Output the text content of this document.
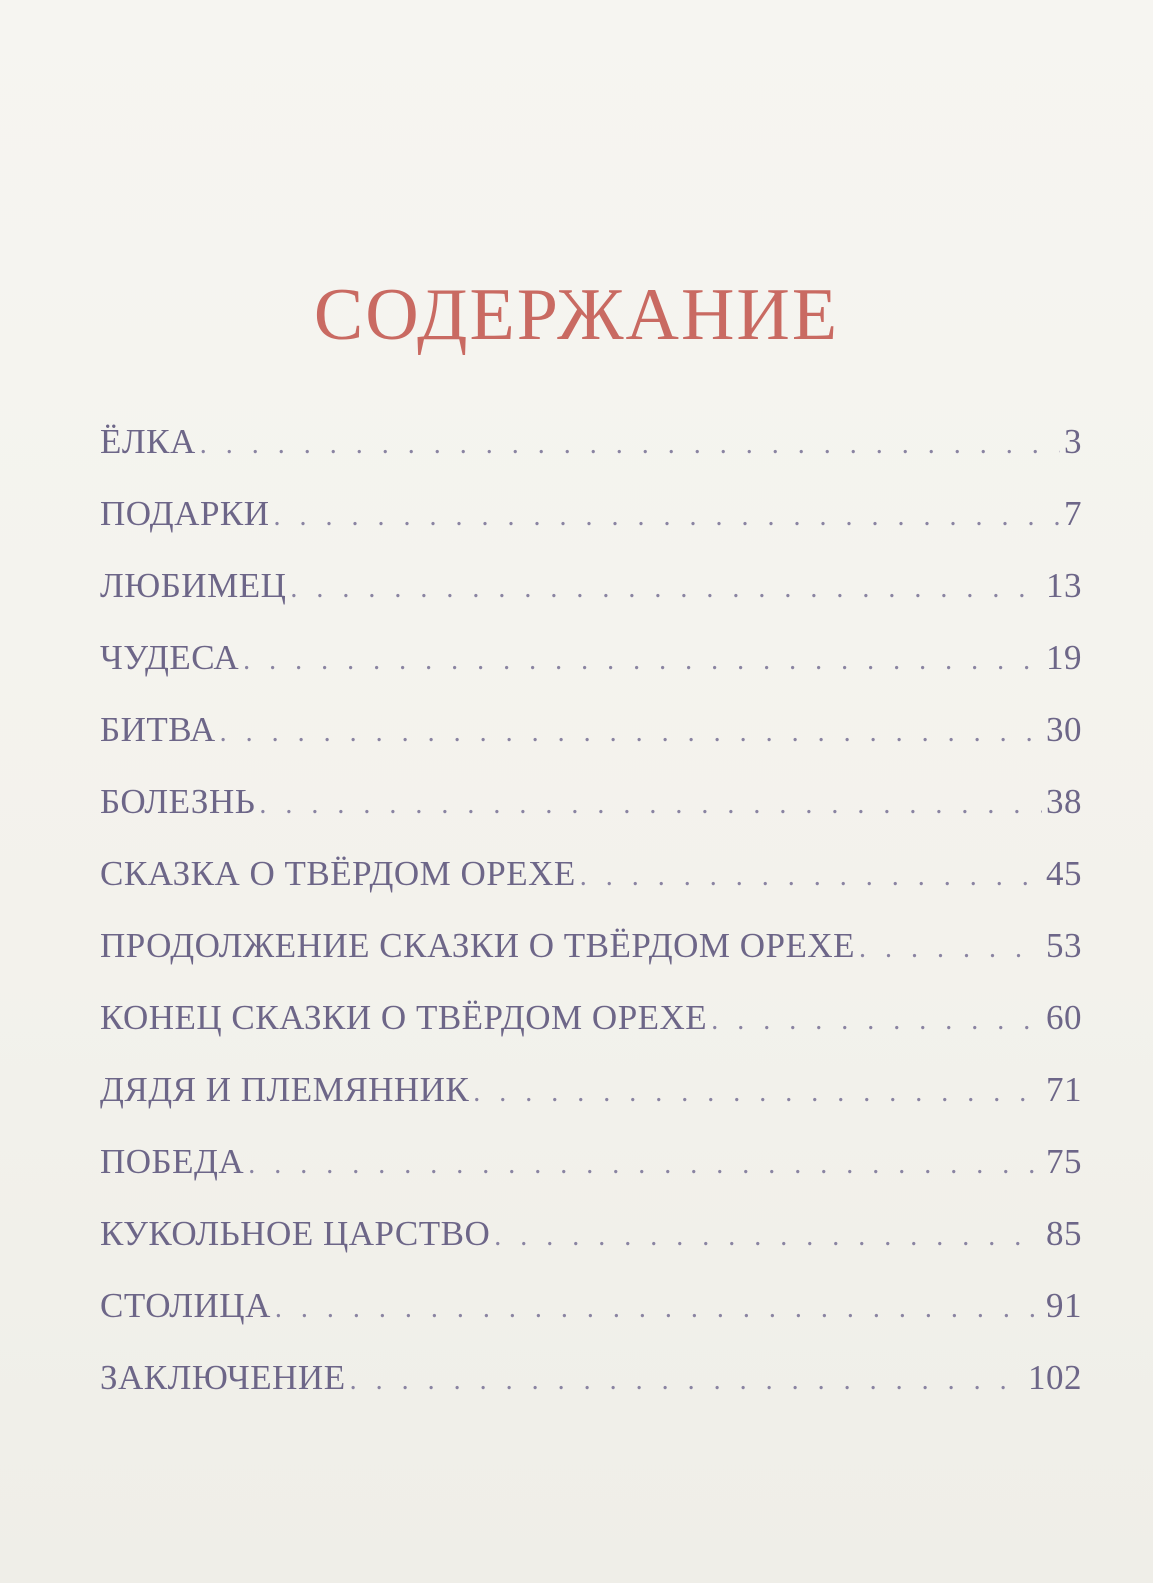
СОДЕРЖАНИЕ
ЁЛКА . . .	3
ПОДАРКИ . . .	7
ЛЮБИМЕЦ . . .	13
ЧУДЕСА . . .	19
БИТВА . . .	30
БОЛЕЗНЬ . . .	38
СКАЗКА О ТВЁРДОМ ОРЕХЕ . . .	45
ПРОДОЛЖЕНИЕ СКАЗКИ О ТВЁРДОМ ОРЕХЕ . . .	53
КОНЕЦ СКАЗКИ О ТВЁРДОМ ОРЕХЕ . . .	60
ДЯДЯ И ПЛЕМЯННИК . . .	71
ПОБЕДА . . .	75
КУКОЛЬНОЕ ЦАРСТВО . . .	85
СТОЛИЦА . . .	91
ЗАКЛЮЧЕНИЕ . . .	102
